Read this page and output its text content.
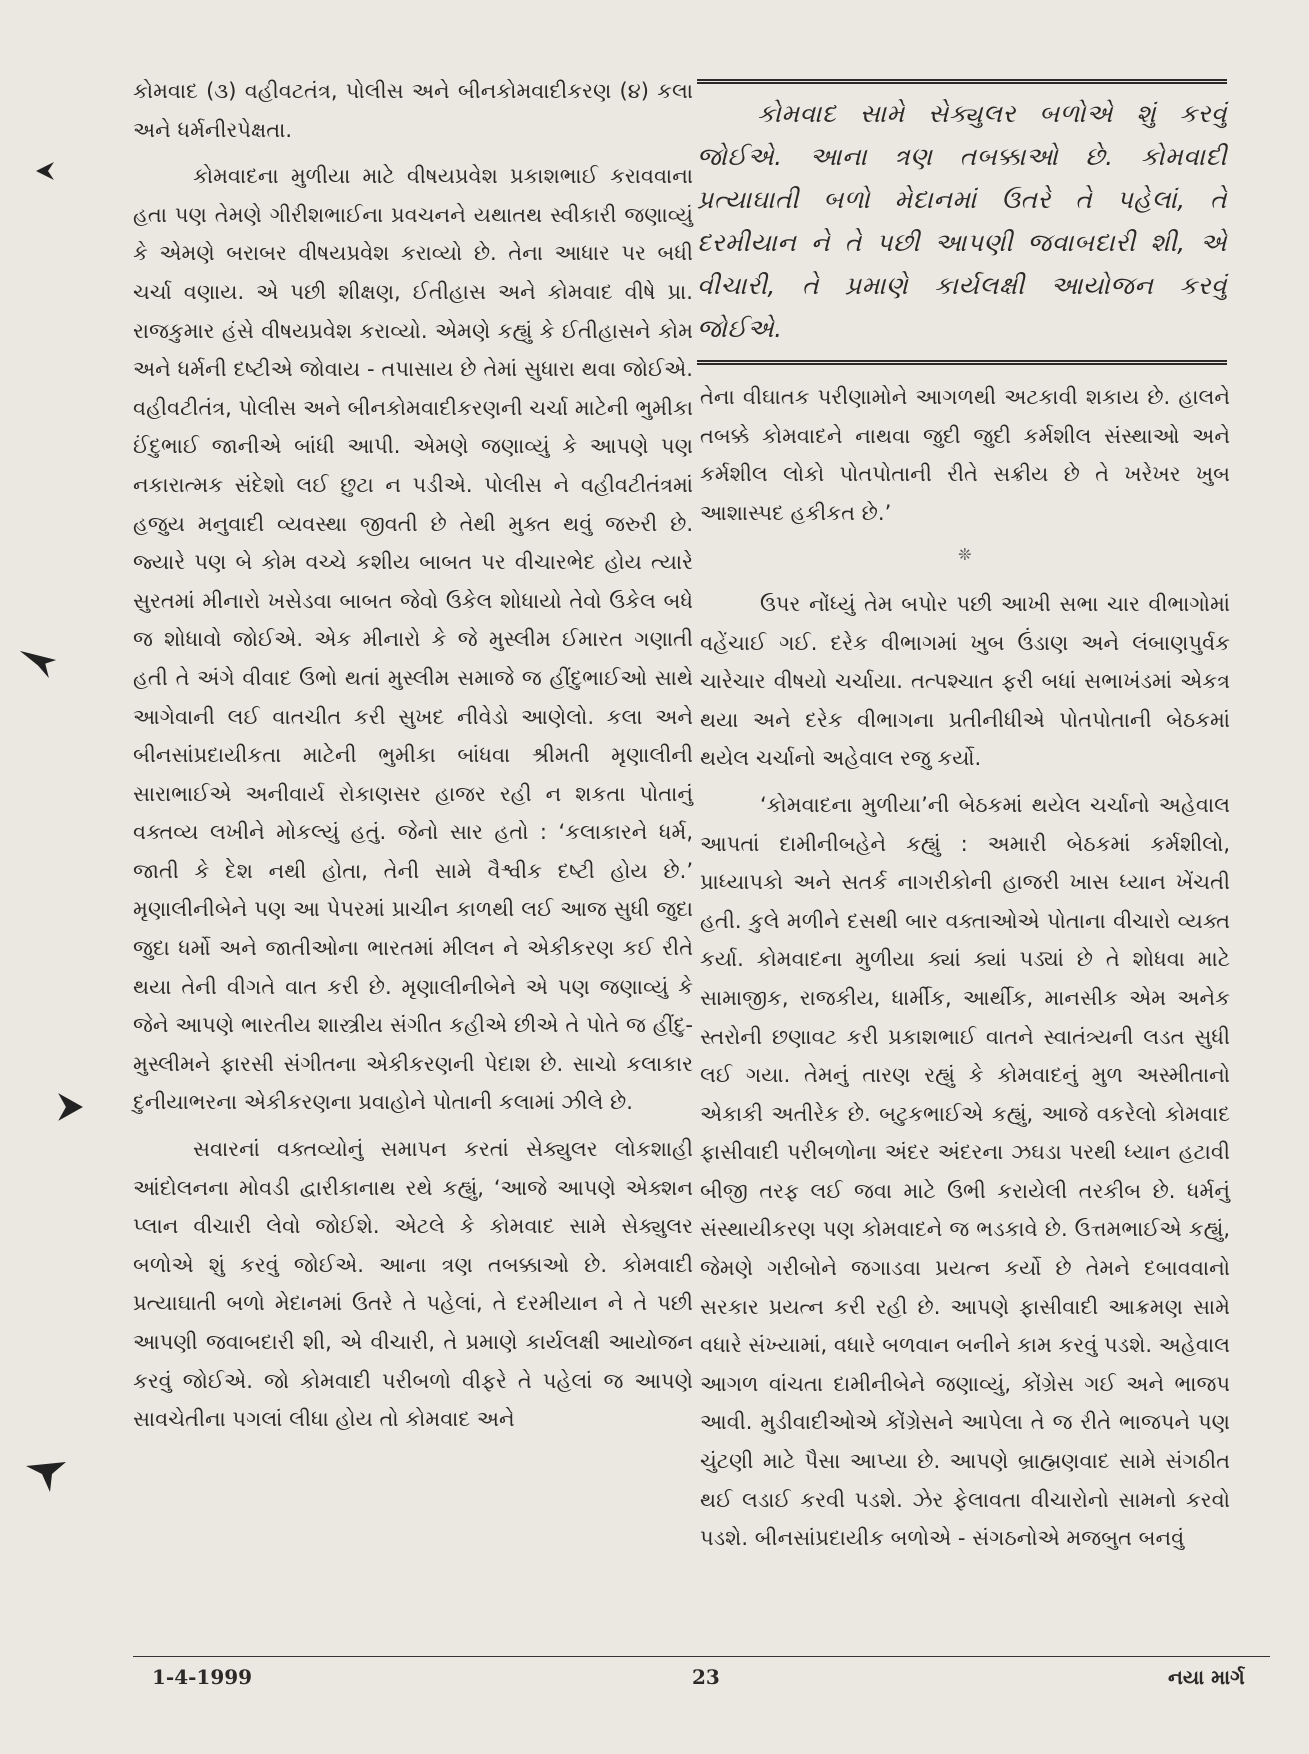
કોમવાદ (૩) વહીવટતંત્ર, પોલીસ અને બીનકોમવાદીકરણ (૪) કલા અને ધર્મનીરપેક્ષતા.

કોમવાદના મુળીયા માટે વીષયપ્રવેશ પ્રકાશભાઈ કરાવવાના હતા પણ તેમણે ગીરીશભાઈના પ્રવચનને યથાતથ સ્વીકારી જણાવ્યું કે એમણે બરાબર વીષયપ્રવેશ કરાવ્યો છે. તેના આધાર પર બધી ચર્ચા વણાય. એ પછી શીક્ષણ, ઈતીહાસ અને કોમવાદ વીષે પ્રા. રાજકુમાર હંસે વીષયપ્રવેશ કરાવ્યો. એમણે કહ્યું કે ઈતીહાસને કોમ અને ધર્મની દષ્ટીએ જોવાય - તપાસાય છે તેમાં સુધારા થવા જોઈએ. વહીવટીતંત્ર, પોલીસ અને બીનકોમવાદીકરણની ચર્ચા માટેની ભુમીકા ઈંદુભાઈ જાનીએ બાંધી આપી. એમણે જણાવ્યું કે આપણે પણ નકારાત્મક સંદેશો લઈ છુટા ન પડીએ. પોલીસ ને વહીવટીતંત્રમાં હજુય મનુવાદી વ્યવસ્થા જીવતી છે તેથી મુક્ત થવું જરુરી છે. જ્યારે પણ બે કોમ વચ્ચે કશીય બાબત પર વીચારભેદ હોય ત્યારે સુરતમાં મીનારો ખસેડવા બાબત જેવો ઉકેલ શોધાયો તેવો ઉકેલ બધે જ શોધાવો જોઈએ. એક મીનારો કે જે મુસ્લીમ ઈમારત ગણાતી હતી તે અંગે વીવાદ ઉભો થતાં મુસ્લીમ સમાજે જ હીંદુભાઈઓ સાથે આગેવાની લઈ વાતચીત કરી સુખદ નીવેડો આણેલો. કલા અને બીનસાંપ્રદાયીકતા માટેની ભુમીકા બાંધવા શ્રીમતી મૃણાલીની સારાભાઈએ અનીવાર્ય રોકાણસર હાજર રહી ન શકતા પોતાનું વક્તવ્ય લખીને મોકલ્યું હતું. જેનો સાર હતો : ‘કલાકારને ધર્મ, જાતી કે દેશ નથી હોતા, તેની સામે વૈશ્વીક દષ્ટી હોય છે.’ મૃણાલીનીબેને પણ આ પેપરમાં પ્રાચીન કાળથી લઈ આજ સુધી જુદા જુદા ધર્મો અને જાતીઓના ભારતમાં મીલન ને એકીકરણ કઈ રીતે થયા તેની વીગતે વાત કરી છે. મૃણાલીનીબેને એ પણ જણાવ્યું કે જેને આપણે ભારતીય શાસ્ત્રીય સંગીત કહીએ છીએ તે પોતે જ હીંદુ-મુસ્લીમને ફારસી સંગીતના એકીકરણની પેદાશ છે. સાચો કલાકાર દુનીયાભરના એકીકરણના પ્રવાહોને પોતાની કલામાં ઝીલે છે.

સવારનાં વક્તવ્યોનું સમાપન કરતાં સેક્યુલર લોકશાહી આંદોલનના મોવડી દ્વારીકાનાથ રથે કહ્યું, ‘આજે આપણે એક્શન પ્લાન વીચારી લેવો જોઈશે. એટલે કે કોમવાદ સામે સેક્યુલર બળોએ શું કરવું જોઈએ. આના ત્રણ તબક્કાઓ છે. કોમવાદી પ્રત્યાઘાતી બળો મેદાનમાં ઉતરે તે પહેલાં, તે દરમીયાન ને તે પછી આપણી જવાબદારી શી, એ વીચારી, તે પ્રમાણે કાર્યલક્ષી આયોજન કરવું જોઈએ. જો કોમવાદી પરીબળો વીફરે તે પહેલાં જ આપણે સાવચેતીના પગલાં લીધા હોય તો કોમવાદ અને

કોમવાદ સામે સેક્યુલર બળોએ શું કરવું જોઈએ. આના ત્રણ તબક્કાઓ છે. કોમવાદી પ્રત્યાઘાતી બળો મેદાનમાં ઉતરે તે પહેલાં, તે દરમીયાન ને તે પછી આપણી જવાબદારી શી, એ વીચારી, તે પ્રમાણે કાર્યલક્ષી આયોજન કરવું જોઈએ.

તેના વીઘાતક પરીણામોને આગળથી અટકાવી શકાય છે. હાલને તબક્કે કોમવાદને નાથવા જુદી જુદી કર્મશીલ સંસ્થાઓ અને કર્મશીલ લોકો પોતપોતાની રીતે સક્રીય છે તે ખરેખર ખુબ આશાસ્પદ હકીકત છે.’

❊

ઉપર નોંધ્યું તેમ બપોર પછી આખી સભા ચાર વીભાગોમાં વહેંચાઈ ગઈ. દરેક વીભાગમાં ખુબ ઉંડાણ અને લંબાણપુર્વક ચારેચાર વીષયો ચર્ચાયા. તત્પશ્ચાત ફરી બધાં સભાખંડમાં એકત્ર થયા અને દરેક વીભાગના પ્રતીનીધીએ પોતપોતાની બેઠકમાં થયેલ ચર્ચાનો અહેવાલ રજુ કર્યો.

‘કોમવાદના મુળીયા’ની બેઠકમાં થયેલ ચર્ચાનો અહેવાલ આપતાં દામીનીબહેને કહ્યું : અમારી બેઠકમાં કર્મશીલો, પ્રાધ્યાપકો અને સતર્ક નાગરીકોની હાજરી ખાસ ધ્યાન ખેંચતી હતી. કુલે મળીને દસથી બાર વક્તાઓએ પોતાના વીચારો વ્યક્ત કર્યા. કોમવાદના મુળીયા ક્યાં ક્યાં પડ્યાં છે તે શોધવા માટે સામાજીક, રાજકીય, ધાર્મીક, આર્થીક, માનસીક એમ અનેક સ્તરોની છણાવટ કરી પ્રકાશભાઈ વાતને સ્વાતંત્ર્યની લડત સુધી લઈ ગયા. તેમનું તારણ રહ્યું કે કોમવાદનું મુળ અસ્મીતાનો એકાકી અતીરેક છે. બટુકભાઈએ કહ્યું, આજે વકરેલો કોમવાદ ફાસીવાદી પરીબળોના અંદર અંદરના ઝઘડા પરથી ધ્યાન હટાવી બીજી તરફ લઈ જવા માટે ઉભી કરાયેલી તરકીબ છે. ધર્મનું સંસ્થાયીકરણ પણ કોમવાદને જ ભડકાવે છે. ઉત્તમભાઈએ કહ્યું, જેમણે ગરીબોને જગાડવા પ્રયત્ન કર્યો છે તેમને દબાવવાનો સરકાર પ્રયત્ન કરી રહી છે. આપણે ફાસીવાદી આક્રમણ સામે વધારે સંખ્યામાં, વધારે બળવાન બનીને કામ કરવું પડશે. અહેવાલ આગળ વાંચતા દામીનીબેને જણાવ્યું, કોંગ્રેસ ગઈ અને ભાજપ આવી. મુડીવાદીઓએ કોંગ્રેસને આપેલા તે જ રીતે ભાજપને પણ ચુંટણી માટે પૈસા આપ્યા છે. આપણે બ્રાહ્મણવાદ સામે સંગઠીત થઈ લડાઈ કરવી પડશે. ઝેર ફેલાવતા વીચારોનો સામનો કરવો પડશે. બીનસાંપ્રદાયીક બળોએ - સંગઠનોએ મજબુત બનવું

1-4-1999	23	નયા માર્ગ
